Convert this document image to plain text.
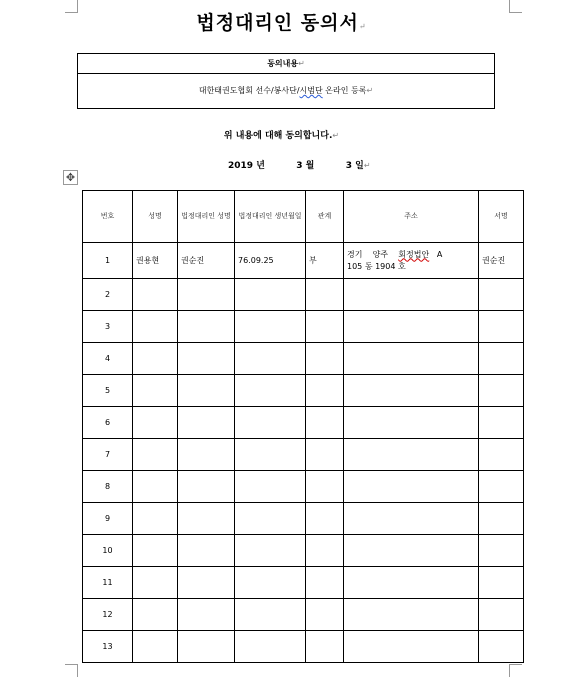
법정대리인 동의서↵
동의내용↵
대한태권도협회 선수/봉사단/시범단 온라인 등록↵
위 내용에 대해 동의합니다.↵
2019 년	3 월	3 일↵
✥
번호	성명	법정대리인 성명	법정대리인 생년월일	관계	주소	서명
1	권용현	권순진	76.09.25	부	경기    양주    회정법안   A
105 동 1904 호	권순진
2						
3						
4						
5						
6						
7						
8						
9						
10						
11						
12						
13						
